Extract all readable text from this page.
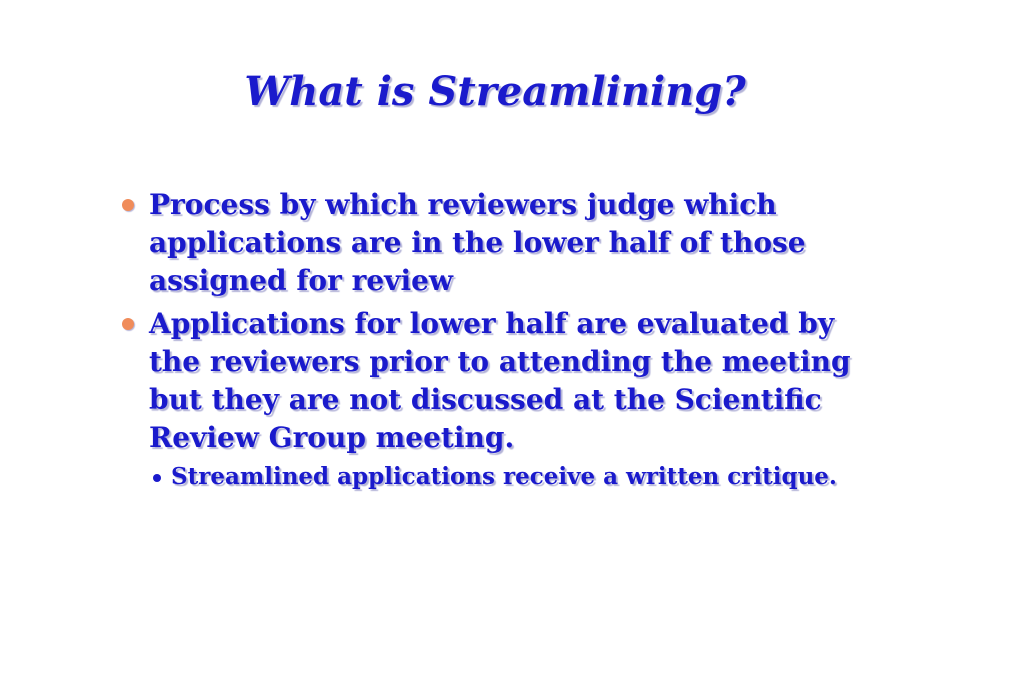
What is Streamlining?
Process by which reviewers judge which applications are in the lower half of those assigned for review
Applications for lower half are evaluated by the reviewers prior to attending the meeting but they are not discussed at the Scientific Review Group meeting.
Streamlined applications receive a written critique.
